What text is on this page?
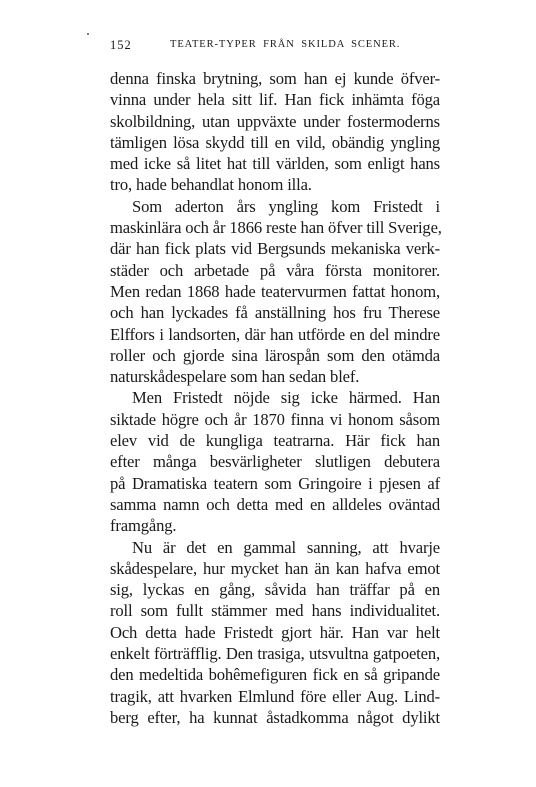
152	TEATER-TYPER FRÅN SKILDA SCENER.
denna finska brytning, som han ej kunde öfver-
vinna under hela sitt lif. Han fick inhämta föga
skolbildning, utan uppväxte under fostermoderns
tämligen lösa skydd till en vild, obändig yngling
med icke så litet hat till världen, som enligt hans
tro, hade behandlat honom illa.
Som aderton års yngling kom Fristedt i
maskinlära och år 1866 reste han öfver till Sverige,
där han fick plats vid Bergsunds mekaniska verk-
städer och arbetade på våra första monitorer.
Men redan 1868 hade teatervurmen fattat honom,
och han lyckades få anställning hos fru Therese
Elffors i landsorten, där han utförde en del mindre
roller och gjorde sina lärospån som den otämda
naturskådespelare som han sedan blef.
Men Fristedt nöjde sig icke härmed. Han
siktade högre och år 1870 finna vi honom såsom
elev vid de kungliga teatrarna. Här fick han
efter många besvärligheter slutligen debutera
på Dramatiska teatern som Gringoire i pjesen af
samma namn och detta med en alldeles oväntad
framgång.
Nu är det en gammal sanning, att hvarje
skådespelare, hur mycket han än kan hafva emot
sig, lyckas en gång, såvida han träffar på en
roll som fullt stämmer med hans individualitet.
Och detta hade Fristedt gjort här. Han var helt
enkelt förträfflig. Den trasiga, utsvultna gatpoeten,
den medeltida bohêmefiguren fick en så gripande
tragik, att hvarken Elmlund före eller Aug. Lind-
berg efter, ha kunnat åstadkomma något dylikt
